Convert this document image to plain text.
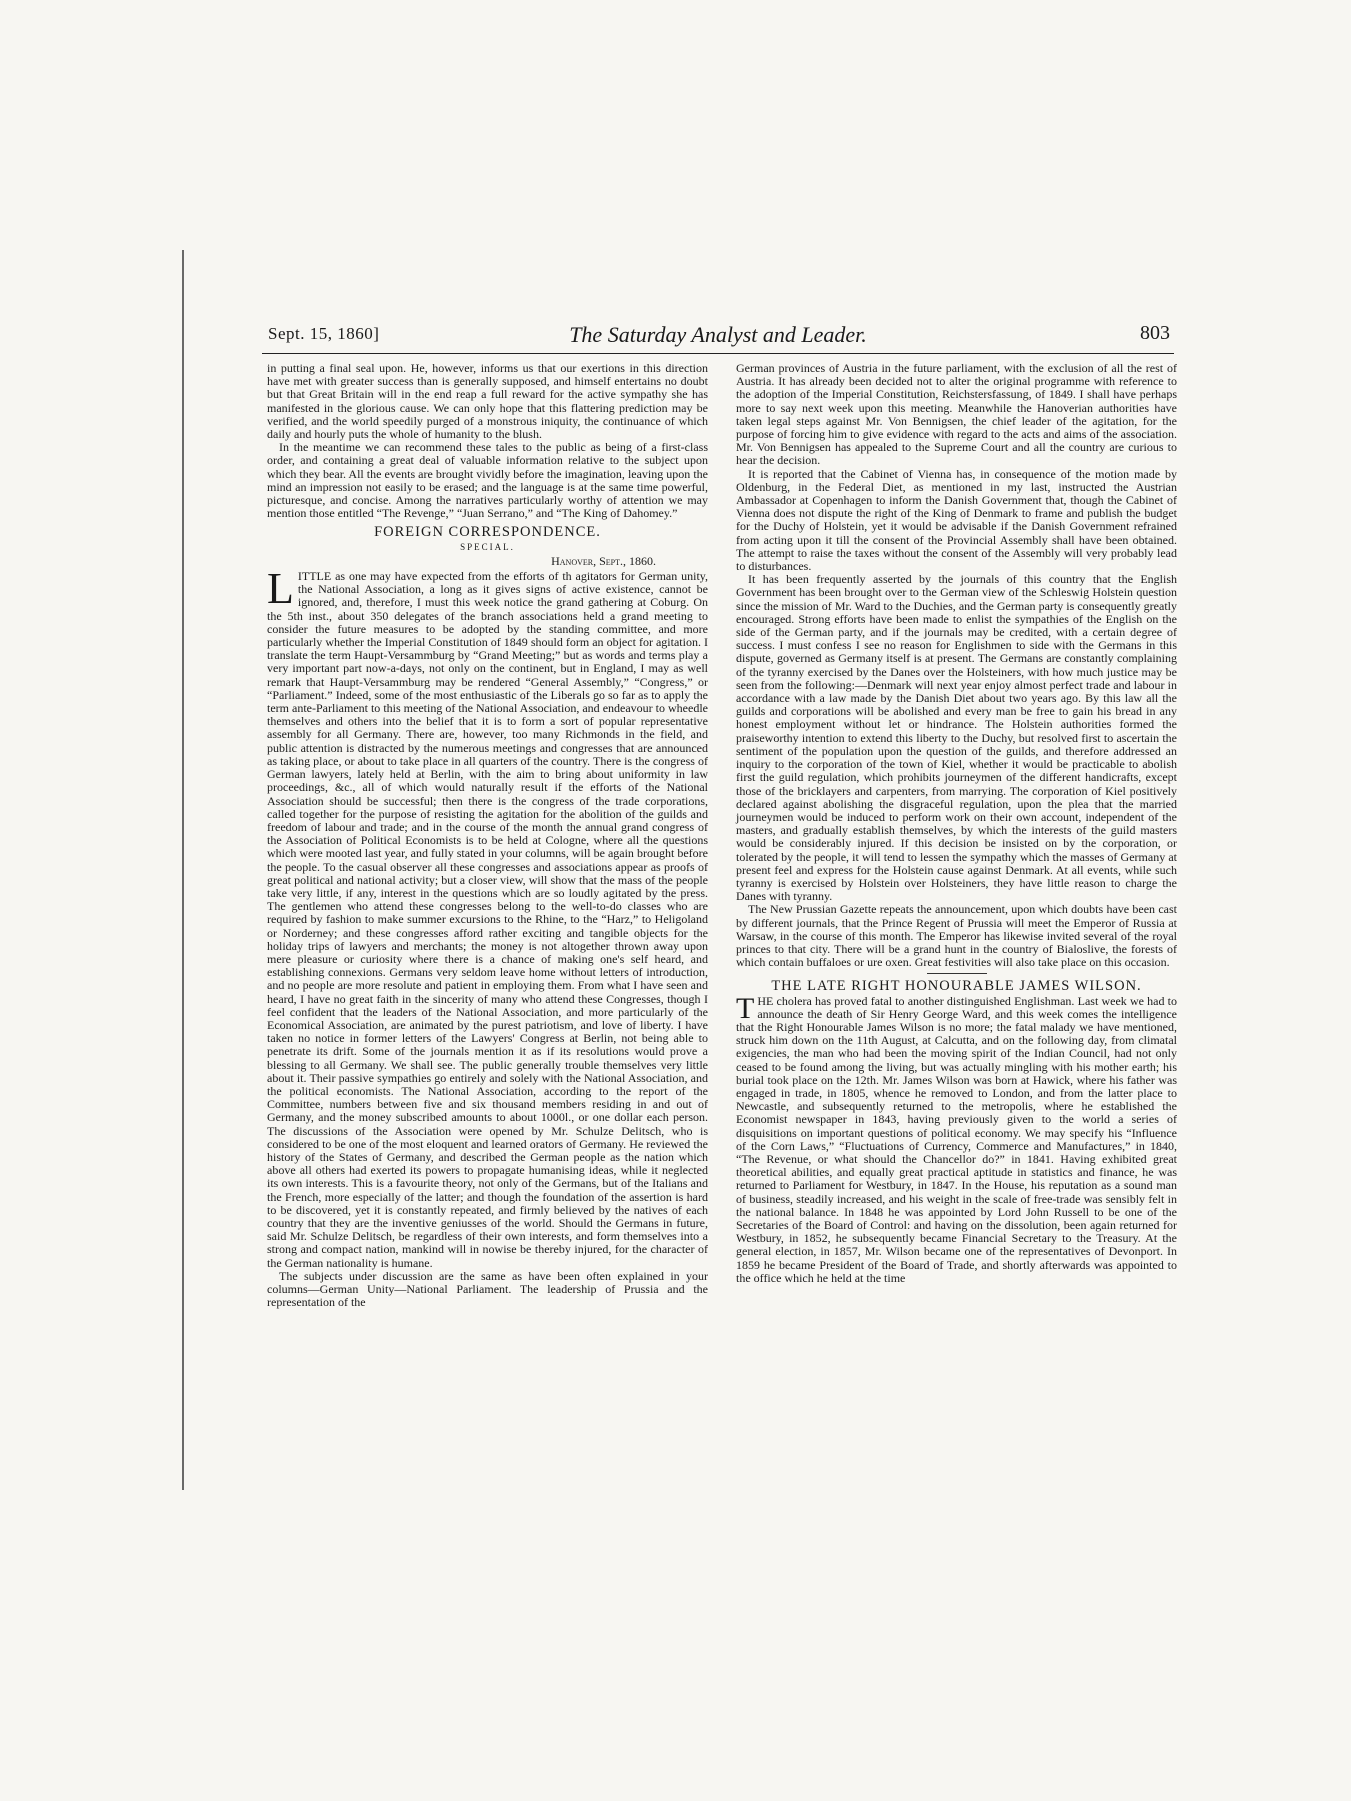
Sept. 15, 1860]	The Saturday Analyst and Leader.	803

in putting a final seal upon. He, however, informs us that our exertions in this direction have met with greater success than is generally supposed, and himself entertains no doubt but that Great Britain will in the end reap a full reward for the active sympathy she has manifested in the glorious cause. We can only hope that this flattering prediction may be verified, and the world speedily purged of a monstrous iniquity, the continuance of which daily and hourly puts the whole of humanity to the blush.

In the meantime we can recommend these tales to the public as being of a first-class order, and containing a great deal of valuable information relative to the subject upon which they bear. All the events are brought vividly before the imagination, leaving upon the mind an impression not easily to be erased; and the language is at the same time powerful, picturesque, and concise. Among the narratives particularly worthy of attention we may mention those entitled “The Revenge,” “Juan Serrano,” and “The King of Dahomey.”

FOREIGN CORRESPONDENCE.
SPECIAL.
Hanover, Sept., 1860.

LITTLE as one may have expected from the efforts of th agitators for German unity, the National Association, a long as it gives signs of active existence, cannot be ignored, and, therefore, I must this week notice the grand gathering at Coburg. On the 5th inst., about 350 delegates of the branch associations held a grand meeting to consider the future measures to be adopted by the standing committee, and more particularly whether the Imperial Constitution of 1849 should form an object for agitation. I translate the term Haupt-Versammburg by “Grand Meeting;” but as words and terms play a very important part now-a-days, not only on the continent, but in England, I may as well remark that Haupt-Versammburg may be rendered “General Assembly,” “Congress,” or “Parliament.” Indeed, some of the most enthusiastic of the Liberals go so far as to apply the term ante-Parliament to this meeting of the National Association, and endeavour to wheedle themselves and others into the belief that it is to form a sort of popular representative assembly for all Germany. There are, however, too many Richmonds in the field, and public attention is distracted by the numerous meetings and congresses that are announced as taking place, or about to take place in all quarters of the country. There is the congress of German lawyers, lately held at Berlin, with the aim to bring about uniformity in law proceedings, &c., all of which would naturally result if the efforts of the National Association should be successful; then there is the congress of the trade corporations, called together for the purpose of resisting the agitation for the abolition of the guilds and freedom of labour and trade; and in the course of the month the annual grand congress of the Association of Political Economists is to be held at Cologne, where all the questions which were mooted last year, and fully stated in your columns, will be again brought before the people. To the casual observer all these congresses and associations appear as proofs of great political and national activity; but a closer view, will show that the mass of the people take very little, if any, interest in the questions which are so loudly agitated by the press. The gentlemen who attend these congresses belong to the well-to-do classes who are required by fashion to make summer excursions to the Rhine, to the “Harz,” to Heligoland or Norderney; and these congresses afford rather exciting and tangible objects for the holiday trips of lawyers and merchants; the money is not altogether thrown away upon mere pleasure or curiosity where there is a chance of making one's self heard, and establishing connexions. Germans very seldom leave home without letters of introduction, and no people are more resolute and patient in employing them. From what I have seen and heard, I have no great faith in the sincerity of many who attend these Congresses, though I feel confident that the leaders of the National Association, and more particularly of the Economical Association, are animated by the purest patriotism, and love of liberty. I have taken no notice in former letters of the Lawyers' Congress at Berlin, not being able to penetrate its drift. Some of the journals mention it as if its resolutions would prove a blessing to all Germany. We shall see. The public generally trouble themselves very little about it. Their passive sympathies go entirely and solely with the National Association, and the political economists. The National Association, according to the report of the Committee, numbers between five and six thousand members residing in and out of Germany, and the money subscribed amounts to about 1000l., or one dollar each person. The discussions of the Association were opened by Mr. Schulze Delitsch, who is considered to be one of the most eloquent and learned orators of Germany. He reviewed the history of the States of Germany, and described the German people as the nation which above all others had exerted its powers to propagate humanising ideas, while it neglected its own interests. This is a favourite theory, not only of the Germans, but of the Italians and the French, more especially of the latter; and though the foundation of the assertion is hard to be discovered, yet it is constantly repeated, and firmly believed by the natives of each country that they are the inventive geniusses of the world. Should the Germans in future, said Mr. Schulze Delitsch, be regardless of their own interests, and form themselves into a strong and compact nation, mankind will in nowise be thereby injured, for the character of the German nationality is humane.

The subjects under discussion are the same as have been often explained in your columns—German Unity—National Parliament. The leadership of Prussia and the representation of the

German provinces of Austria in the future parliament, with the exclusion of all the rest of Austria. It has already been decided not to alter the original programme with reference to the adoption of the Imperial Constitution, Reichstersfassung, of 1849. I shall have perhaps more to say next week upon this meeting. Meanwhile the Hanoverian authorities have taken legal steps against Mr. Von Bennigsen, the chief leader of the agitation, for the purpose of forcing him to give evidence with regard to the acts and aims of the association. Mr. Von Bennigsen has appealed to the Supreme Court and all the country are curious to hear the decision.

It is reported that the Cabinet of Vienna has, in consequence of the motion made by Oldenburg, in the Federal Diet, as mentioned in my last, instructed the Austrian Ambassador at Copenhagen to inform the Danish Government that, though the Cabinet of Vienna does not dispute the right of the King of Denmark to frame and publish the budget for the Duchy of Holstein, yet it would be advisable if the Danish Government refrained from acting upon it till the consent of the Provincial Assembly shall have been obtained. The attempt to raise the taxes without the consent of the Assembly will very probably lead to disturbances.

It has been frequently asserted by the journals of this country that the English Government has been brought over to the German view of the Schleswig Holstein question since the mission of Mr. Ward to the Duchies, and the German party is consequently greatly encouraged. Strong efforts have been made to enlist the sympathies of the English on the side of the German party, and if the journals may be credited, with a certain degree of success. I must confess I see no reason for Englishmen to side with the Germans in this dispute, governed as Germany itself is at present. The Germans are constantly complaining of the tyranny exercised by the Danes over the Holsteiners, with how much justice may be seen from the following:—Denmark will next year enjoy almost perfect trade and labour in accordance with a law made by the Danish Diet about two years ago. By this law all the guilds and corporations will be abolished and every man be free to gain his bread in any honest employment without let or hindrance. The Holstein authorities formed the praiseworthy intention to extend this liberty to the Duchy, but resolved first to ascertain the sentiment of the population upon the question of the guilds, and therefore addressed an inquiry to the corporation of the town of Kiel, whether it would be practicable to abolish first the guild regulation, which prohibits journeymen of the different handicrafts, except those of the bricklayers and carpenters, from marrying. The corporation of Kiel positively declared against abolishing the disgraceful regulation, upon the plea that the married journeymen would be induced to perform work on their own account, independent of the masters, and gradually establish themselves, by which the interests of the guild masters would be considerably injured. If this decision be insisted on by the corporation, or tolerated by the people, it will tend to lessen the sympathy which the masses of Germany at present feel and express for the Holstein cause against Denmark. At all events, while such tyranny is exercised by Holstein over Holsteiners, they have little reason to charge the Danes with tyranny.

The New Prussian Gazette repeats the announcement, upon which doubts have been cast by different journals, that the Prince Regent of Prussia will meet the Emperor of Russia at Warsaw, in the course of this month. The Emperor has likewise invited several of the royal princes to that city. There will be a grand hunt in the country of Bialoslive, the forests of which contain buffaloes or ure oxen. Great festivities will also take place on this occasion.

THE LATE RIGHT HONOURABLE JAMES WILSON.

THE cholera has proved fatal to another distinguished Englishman. Last week we had to announce the death of Sir Henry George Ward, and this week comes the intelligence that the Right Honourable James Wilson is no more; the fatal malady we have mentioned, struck him down on the 11th August, at Calcutta, and on the following day, from climatal exigencies, the man who had been the moving spirit of the Indian Council, had not only ceased to be found among the living, but was actually mingling with his mother earth; his burial took place on the 12th. Mr. James Wilson was born at Hawick, where his father was engaged in trade, in 1805, whence he removed to London, and from the latter place to Newcastle, and subsequently returned to the metropolis, where he established the Economist newspaper in 1843, having previously given to the world a series of disquisitions on important questions of political economy. We may specify his “Influence of the Corn Laws,” “Fluctuations of Currency, Commerce and Manufactures,” in 1840, “The Revenue, or what should the Chancellor do?” in 1841. Having exhibited great theoretical abilities, and equally great practical aptitude in statistics and finance, he was returned to Parliament for Westbury, in 1847. In the House, his reputation as a sound man of business, steadily increased, and his weight in the scale of free-trade was sensibly felt in the national balance. In 1848 he was appointed by Lord John Russell to be one of the Secretaries of the Board of Control: and having on the dissolution, been again returned for Westbury, in 1852, he subsequently became Financial Secretary to the Treasury. At the general election, in 1857, Mr. Wilson became one of the representatives of Devonport. In 1859 he became President of the Board of Trade, and shortly afterwards was appointed to the office which he held at the time
